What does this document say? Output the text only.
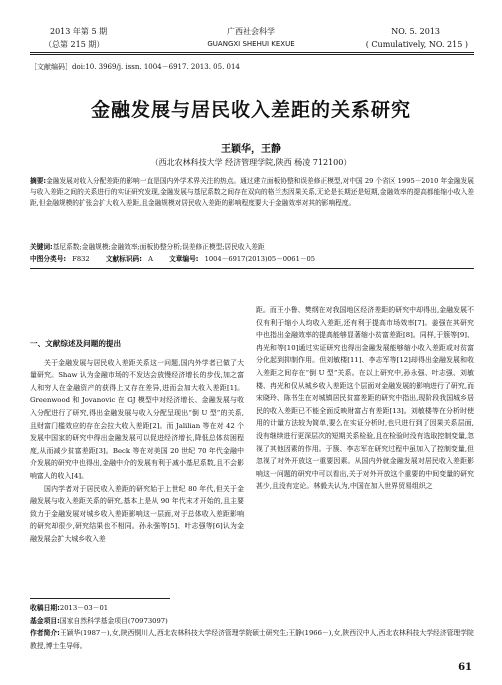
2013 年第 5 期
（总第 215 期）
广西社会科学
GUANGXI SHEHUI KEXUE
NO. 5. 2013
( Cumulatively, NO. 215 )
［文献编码］doi:10. 3969/j. issn. 1004－6917. 2013. 05. 014
金融发展与居民收入差距的关系研究
王颖华，王静
（西北农林科技大学 经济管理学院,陕西 杨凌 712100）
摘要:金融发展对收入分配差距的影响一直是国内外学术界关注的热点。通过建立面板协整和误差修正模型,对中国 29 个省区 1995－2010 年金融发展与收入差距之间的关系进行的实证研究发现,金融发展与基尼系数之间存在双向的格兰杰因果关系,无论是长期还是短期,金融效率的提高都能缩小收入差距,但金融规模的扩张会扩大收入差距,且金融规模对居民收入差距的影响程度要大于金融效率对其的影响程度。
关键词:基尼系数;金融规模;金融效率;面板协整分析;误差修正模型;居民收入差距
中图分类号: F832 文献标识码: A 文章编号: 1004－6917(2013)05－0061－05
一、文献综述及问题的提出

关于金融发展与居民收入差距关系这一问题,国内外学者已做了大量研究。Shaw 认为金融市场的不发达会放慢经济增长的步伐,加之富人和穷人在金融资产的获得上又存在差异,进而会加大收入差距[1]。Greenwood 和 Jovanovic 在 GJ 模型中对经济增长、金融发展与收入分配进行了研究,得出金融发展与收入分配呈现出“倒 U 型”的关系,且财富门槛效应的存在会拉大收入差距[2]。而 Jalilian 等在对 42 个发展中国家的研究中得出金融发展可以促进经济增长,降低总体贫困程度,从而减少贫富差距[3]。Beck 等在对美国 20 世纪 70 年代金融中介发展的研究中也得出,金融中介的发展有利于减小基尼系数,且不会影响富人的收入[4]。

国内学者对于居民收入差距的研究始于上世纪 80 年代,但关于金融发展与收入差距关系的研究,基本上是从 90 年代末才开始的,且主要致力于金融发展对城乡收入差距影响这一层面,对于总体收入差距影响的研究却很少,研究结果也不相同。孙永强等[5]、叶志强等[6]认为金融发展会扩大城乡收入差

距。而王小鲁、樊纲在对我国地区经济差距的研究中却得出,金融发展不仅有利于缩小人均收入差距,还有利于提高市场效率[7]。姜强在其研究中也指出金融效率的提高能够显著缩小贫富差距[8]。同样,于簇等[9]、冉光和等[10]通过实证研究也得出金融发展能够缩小收入差距或对贫富分化起到抑制作用。但刘敏楼[11]、李志军等[12]却得出金融发展和收入差距之间存在“倒 U 型”关系。在以上研究中,孙永强、叶志强、刘敏楼、冉光和仅从城乡收入差距这个层面对金融发展的影响进行了研究,而宋晓玲、陈书生在对城镇居民贫富差距的研究中指出,现阶段我国城乡居民的收入差距已不能全面反映财富占有差距[13]。刘敏楼等在分析时使用的计量方法较为简单,要么在实证分析时,也只进行到了因果关系层面,没有继续进行更深层次的短期关系检验,且在检验时没有选取控制变量,忽视了其他因素的作用。于簇、李志军在研究过程中虽加入了控制变量,但忽视了对外开放这一重要因素。从国内外就金融发展对居民收入差距影响这一问题的研究中可以看出,关于对外开放这个重要的中间变量的研究甚少,且没有定论。林毅夫认为,中国在加入世界贸易组织之

收稿日期:2013－03－01
基金项目:国家自然科学基金项目(70973097)
作者简介:王颖华(1987－),女,陕西铜川人,西北农林科技大学经济管理学院硕士研究生;王静(1966－),女,陕西汉中人,西北农林科技大学经济管理学院教授,博士生导师。
61
